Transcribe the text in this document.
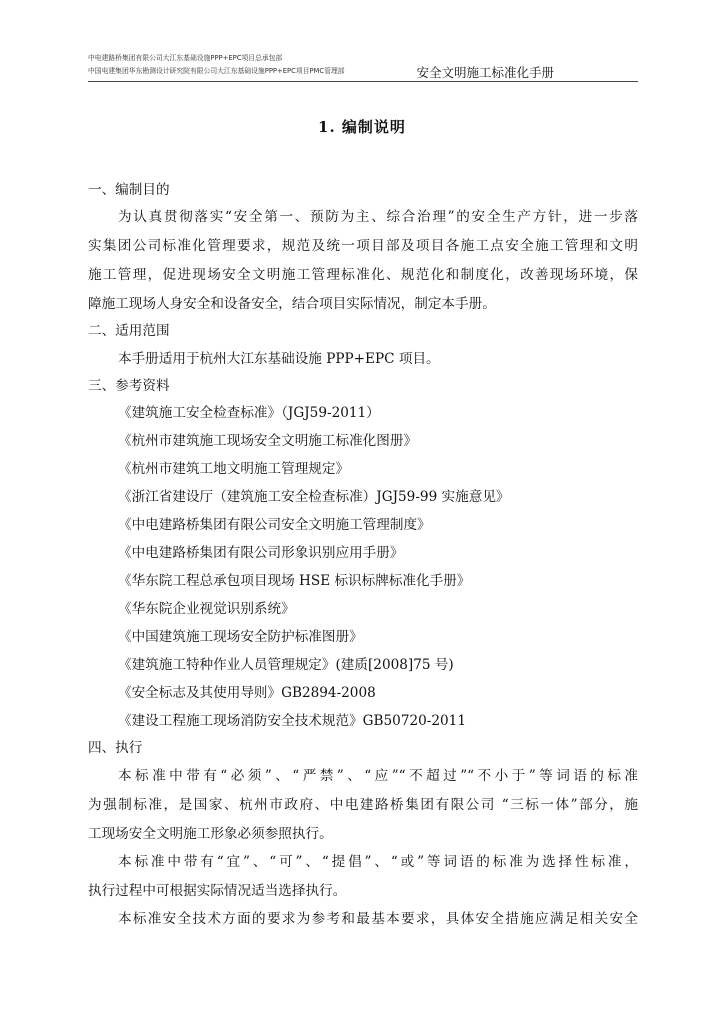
中电建路桥集团有限公司大江东基础设施PPP+EPC项目总承包部
中国电建集团华东勘测设计研究院有限公司大江东基础设施PPP+EPC项目PMC管理部	安全文明施工标准化手册
1. 编制说明
一、编制目的
为认真贯彻落实“安全第一、预防为主、综合治理”的安全生产方针，进一步落
实集团公司标准化管理要求，规范及统一项目部及项目各施工点安全施工管理和文明
施工管理，促进现场安全文明施工管理标准化、规范化和制度化，改善现场环境，保
障施工现场人身安全和设备安全，结合项目实际情况，制定本手册。
二、适用范围
本手册适用于杭州大江东基础设施 PPP+EPC 项目。
三、参考资料
《建筑施工安全检查标准》（JGJ59-2011）
《杭州市建筑施工现场安全文明施工标准化图册》
《杭州市建筑工地文明施工管理规定》
《浙江省建设厅（建筑施工安全检查标准）JGJ59-99 实施意见》
《中电建路桥集团有限公司安全文明施工管理制度》
《中电建路桥集团有限公司形象识别应用手册》
《华东院工程总承包项目现场 HSE 标识标牌标准化手册》
《华东院企业视觉识别系统》
《中国建筑施工现场安全防护标准图册》
《建筑施工特种作业人员管理规定》(建质[2008]75 号)
《安全标志及其使用导则》GB2894-2008
《建设工程施工现场消防安全技术规范》GB50720-2011
四、执行
本标准中带有“必须”、“严禁”、“应”“不超过”“不小于”等词语的标准
为强制标准，是国家、杭州市政府、中电建路桥集团有限公司 “三标一体”部分，施
工现场安全文明施工形象必须参照执行。
本标准中带有“宜”、“可”、“提倡”、“或”等词语的标准为选择性标准，
执行过程中可根据实际情况适当选择执行。
本标准安全技术方面的要求为参考和最基本要求，具体安全措施应满足相关安全
